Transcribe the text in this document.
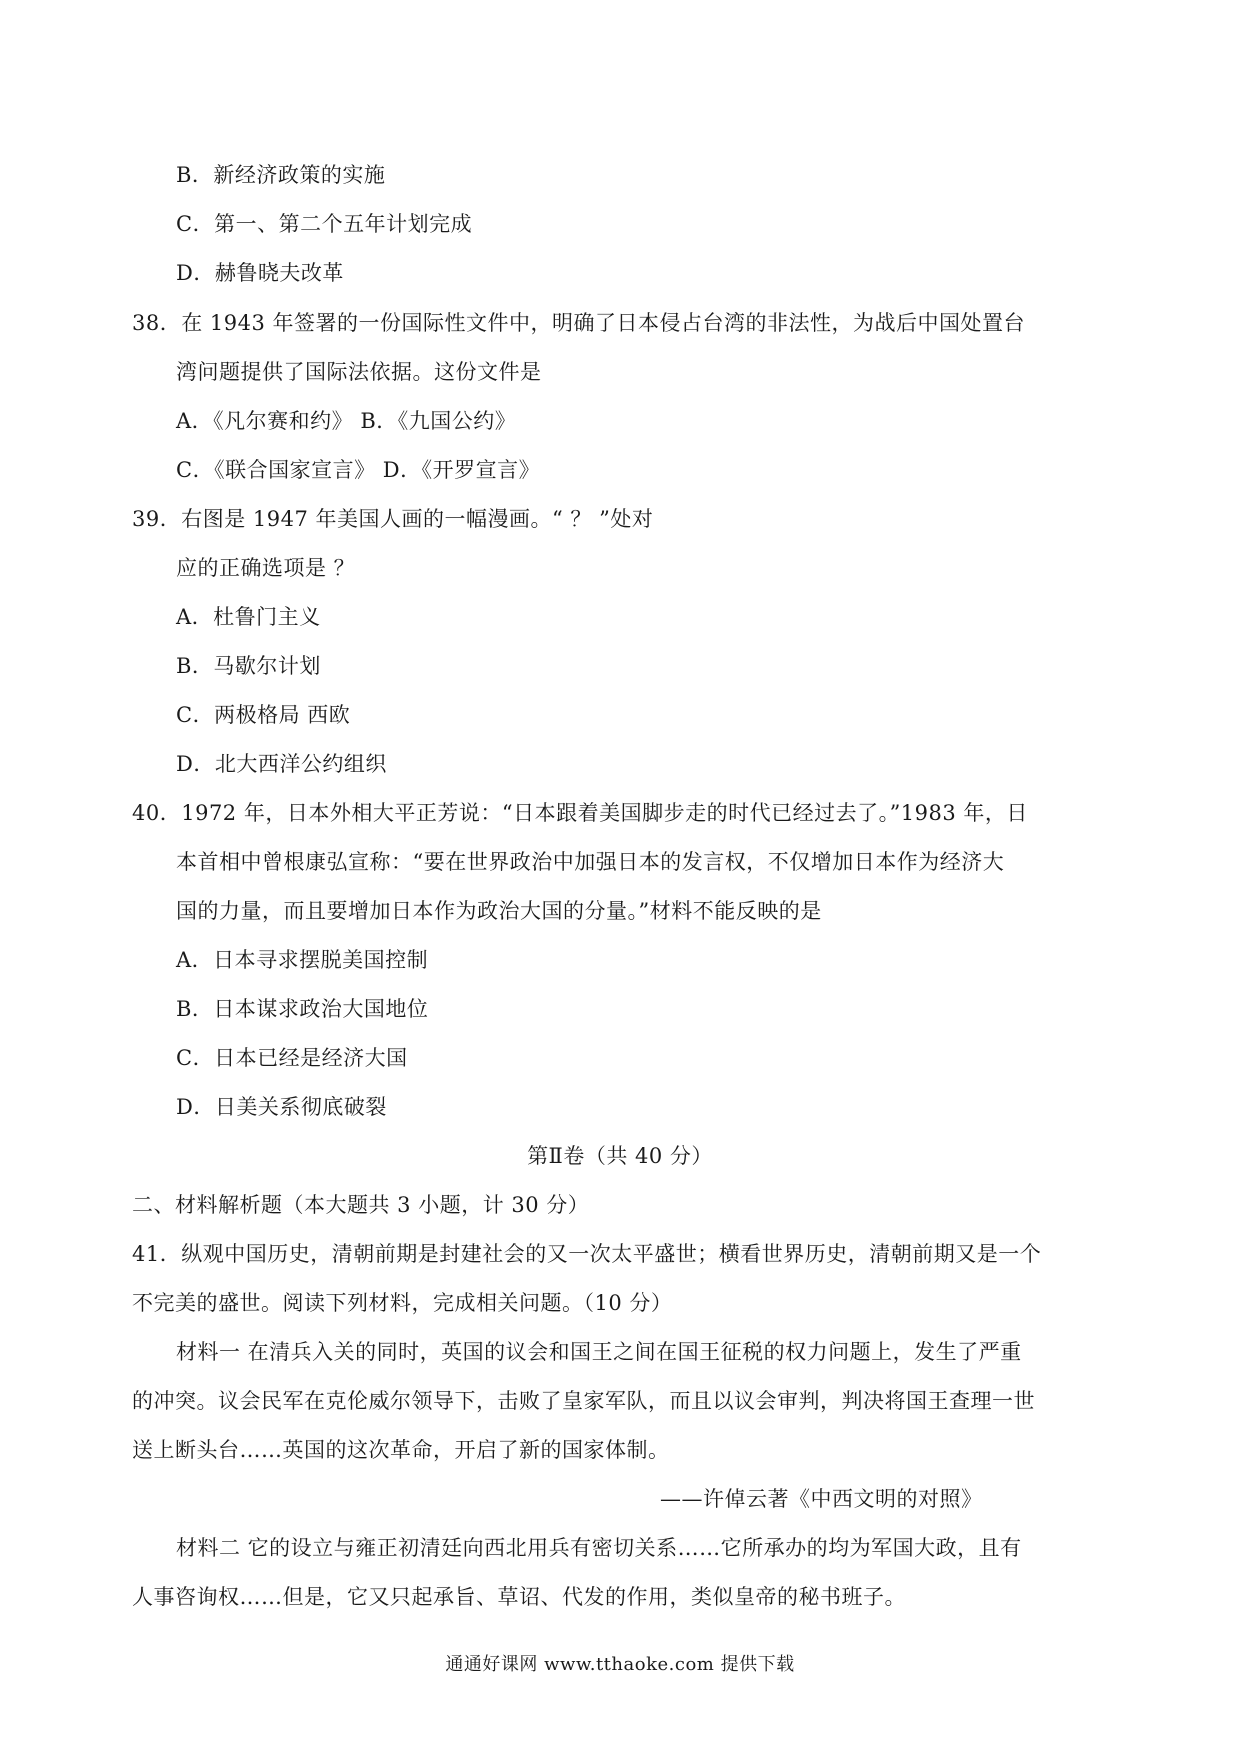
B．新经济政策的实施
C．第一、第二个五年计划完成
D．赫鲁晓夫改革
38．在 1943 年签署的一份国际性文件中，明确了日本侵占台湾的非法性，为战后中国处置台
湾问题提供了国际法依据。这份文件是
A．《凡尔赛和约》 B．《九国公约》
C．《联合国家宣言》 D．《开罗宣言》
39．右图是 1947 年美国人画的一幅漫画。“ ？ ”处对
应的正确选项是 ？
A．杜鲁门主义
B．马歇尔计划
C．两极格局 西欧
D．北大西洋公约组织
40．1972 年，日本外相大平正芳说：“日本跟着美国脚步走的时代已经过去了。”1983 年，日
本首相中曾根康弘宣称：“要在世界政治中加强日本的发言权，不仅增加日本作为经济大
国的力量，而且要增加日本作为政治大国的分量。”材料不能反映的是
A．日本寻求摆脱美国控制
B．日本谋求政治大国地位
C．日本已经是经济大国
D．日美关系彻底破裂
第Ⅱ卷（共 40 分）
二、材料解析题（本大题共 3 小题，计 30 分）
41．纵观中国历史，清朝前期是封建社会的又一次太平盛世；横看世界历史，清朝前期又是一个
不完美的盛世。阅读下列材料，完成相关问题。（10 分）
材料一 在清兵入关的同时，英国的议会和国王之间在国王征税的权力问题上，发生了严重
的冲突。议会民军在克伦威尔领导下，击败了皇家军队，而且以议会审判，判决将国王查理一世
送上断头台……英国的这次革命，开启了新的国家体制。
——许倬云著《中西文明的对照》
材料二 它的设立与雍正初清廷向西北用兵有密切关系……它所承办的均为军国大政，且有
人事咨询权……但是，它又只起承旨、草诏、代发的作用，类似皇帝的秘书班子。
通通好课网 www.tthaoke.com 提供下载
